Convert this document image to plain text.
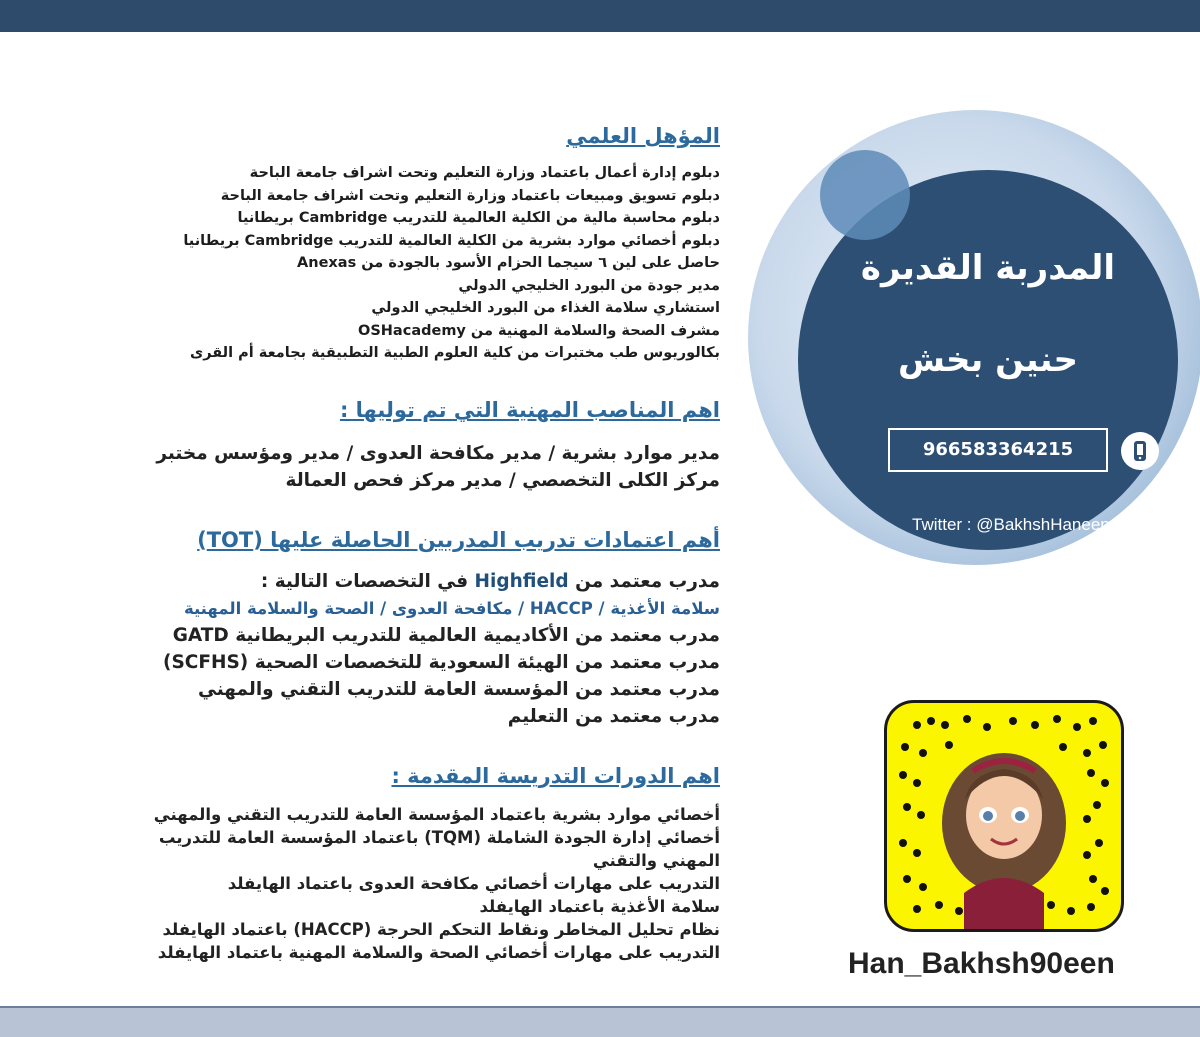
المؤهل العلمي
دبلوم إدارة أعمال باعتماد وزارة التعليم وتحت اشراف جامعة الباحة
دبلوم تسويق ومبيعات باعتماد وزارة التعليم وتحت اشراف جامعة الباحة
دبلوم محاسبة مالية من الكلية العالمية للتدريب Cambridge بريطانيا
دبلوم أخصائي موارد بشرية من الكلية العالمية للتدريب Cambridge بريطانيا
حاصل على لين ٦ سيجما الحزام الأسود بالجودة من Anexas
مدير جودة من البورد الخليجي الدولي
استشاري سلامة الغذاء من البورد الخليجي الدولي
مشرف الصحة والسلامة المهنية من OSHacademy
بكالوريوس طب مختبرات من كلية العلوم الطبية التطبيقية بجامعة أم القرى
اهم المناصب المهنية التي تم توليها :
مدير موارد بشرية / مدير مكافحة العدوى / مدير ومؤسس مختبر
مركز الكلى التخصصي / مدير مركز فحص العمالة
أهم اعتمادات تدريب المدربين الحاصلة عليها (TOT)
مدرب معتمد من Highfield في التخصصات التالية :
سلامة الأغذية / HACCP / مكافحة العدوى / الصحة والسلامة المهنية
مدرب معتمد من الأكاديمية العالمية للتدريب البريطانية GATD
مدرب معتمد من الهيئة السعودية للتخصصات الصحية (SCFHS)
مدرب معتمد من المؤسسة العامة للتدريب التقني والمهني
مدرب معتمد من التعليم
اهم الدورات التدريسة المقدمة :
أخصائي موارد بشرية باعتماد المؤسسة العامة للتدريب التقني والمهني
أخصائي إدارة الجودة الشاملة (TQM) باعتماد المؤسسة العامة للتدريب
المهني والتقني
التدريب على مهارات أخصائي مكافحة العدوى باعتماد الهايفلد
سلامة الأغذية باعتماد الهايفلد
نظام تحليل المخاطر ونقاط التحكم الحرجة (HACCP) باعتماد الهايفلد
التدريب على مهارات أخصائي الصحة والسلامة المهنية باعتماد الهايفلد
المدربة القديرة
حنين بخش
966583364215
Twitter : @BakhshHaneen
Han_Bakhsh90een
